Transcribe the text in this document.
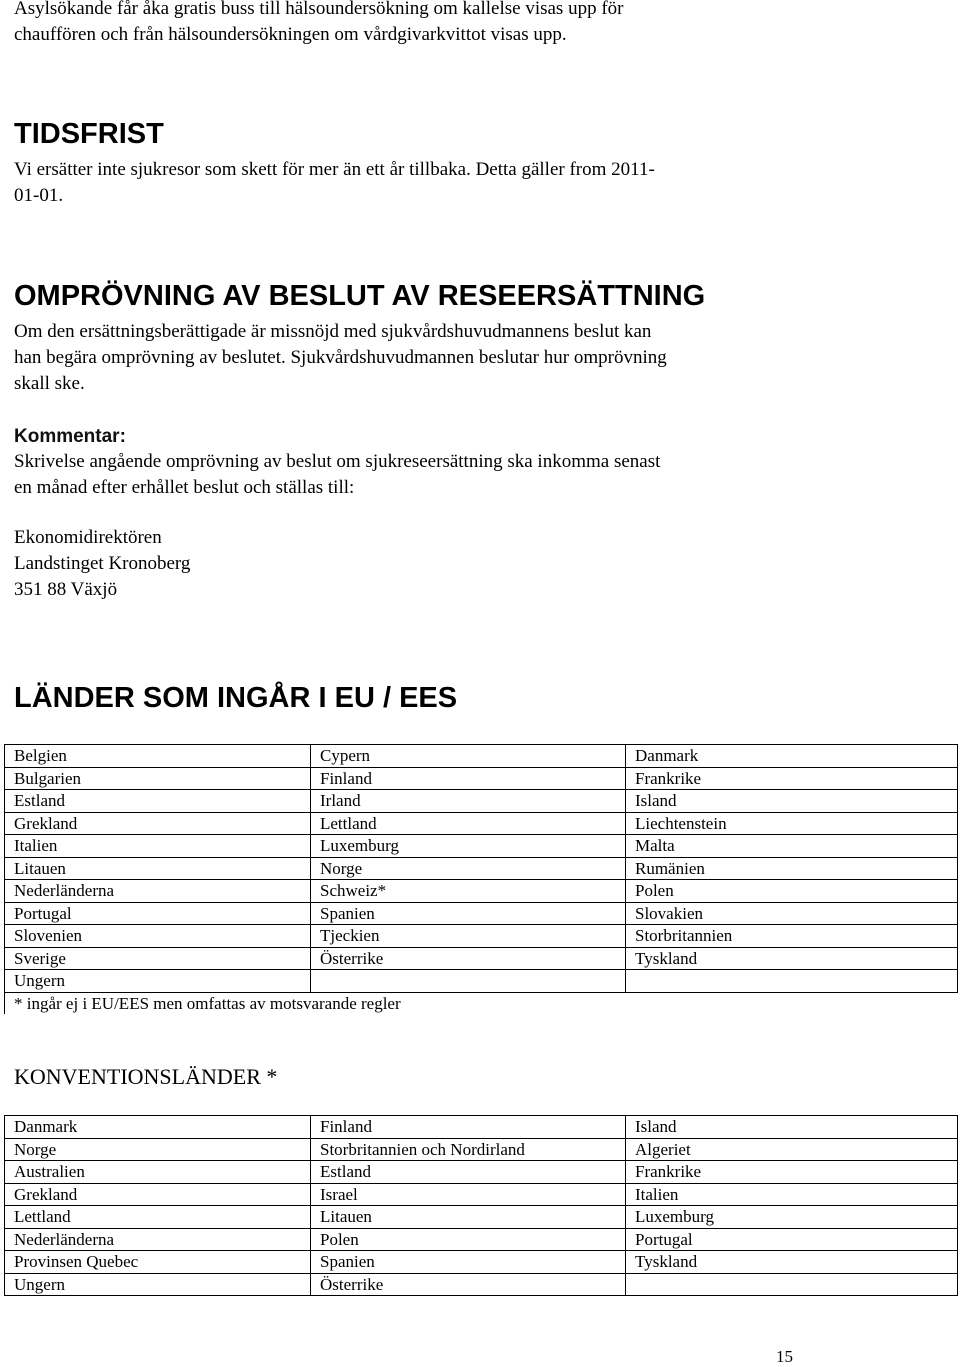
Asylsökande får åka gratis buss till hälsoundersökning om kallelse visas upp för
chauffören och från hälsoundersökningen om vårdgivarkvittot visas upp.

TIDSFRIST

Vi ersätter inte sjukresor som skett för mer än ett år tillbaka. Detta gäller from 2011-
01-01.

OMPRÖVNING AV BESLUT AV RESEERSÄTTNING

Om den ersättningsberättigade är missnöjd med sjukvårdshuvudmannens beslut kan
han begära omprövning av beslutet. Sjukvårdshuvudmannen beslutar hur omprövning
skall ske.

Kommentar:

Skrivelse angående omprövning av beslut om sjukreseersättning ska inkomma senast
en månad efter erhållet beslut och ställas till:

Ekonomidirektören
Landstinget Kronoberg
351 88 Växjö

LÄNDER SOM INGÅR I EU / EES
Belgien	Cypern	Danmark
Bulgarien	Finland	Frankrike
Estland	Irland	Island
Grekland	Lettland	Liechtenstein
Italien	Luxemburg	Malta
Litauen	Norge	Rumänien
Nederländerna	Schweiz*	Polen
Portugal	Spanien	Slovakien
Slovenien	Tjeckien	Storbritannien
Sverige	Österrike	Tyskland
Ungern		
* ingår ej i EU/EES men omfattas av motsvarande regler		
KONVENTIONSLÄNDER *
Danmark	Finland	Island
Norge	Storbritannien och Nordirland	Algeriet
Australien	Estland	Frankrike
Grekland	Israel	Italien
Lettland	Litauen	Luxemburg
Nederländerna	Polen	Portugal
Provinsen Quebec	Spanien	Tyskland
Ungern	Österrike	
15
